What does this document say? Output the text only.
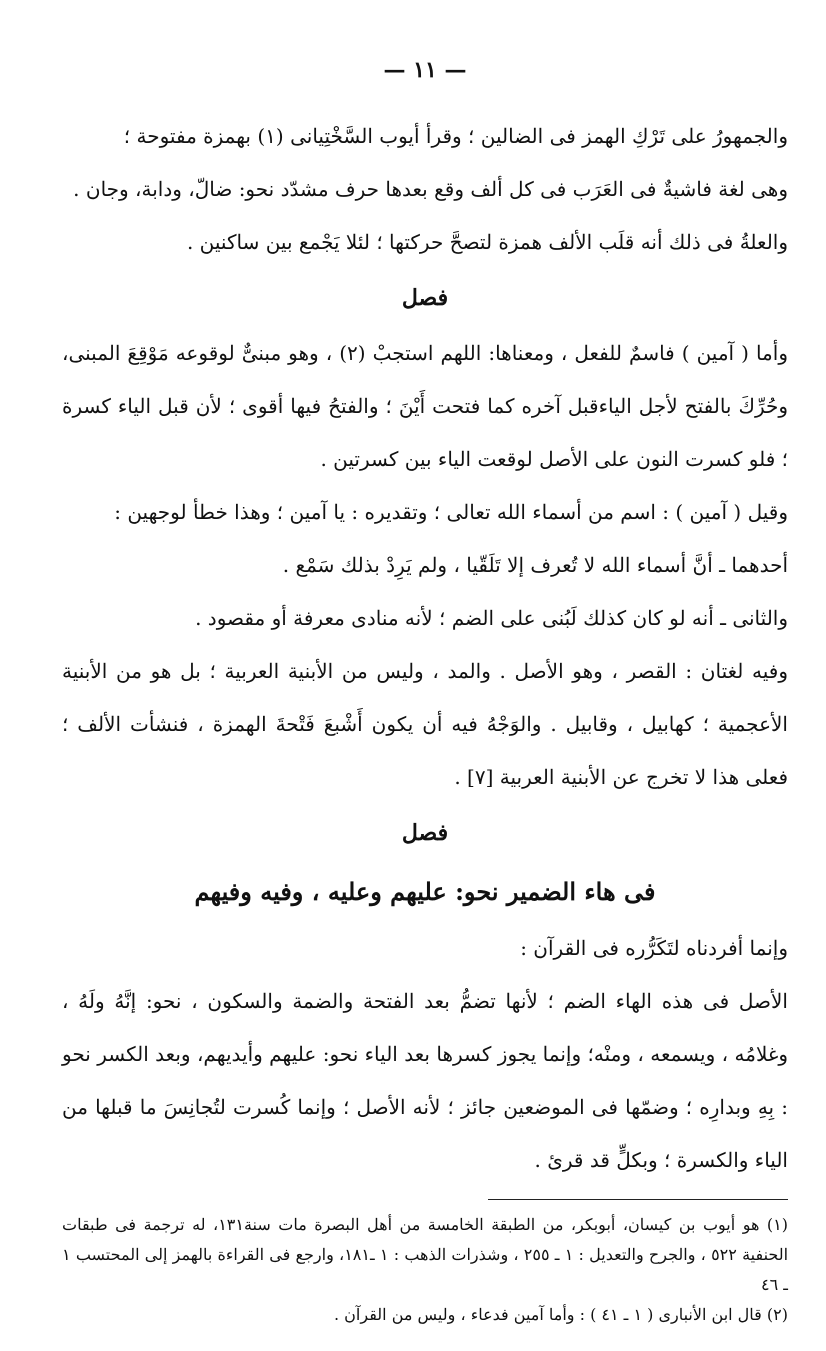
— ١١ —

والجمهورُ على تَرْكِ الهمز فى الضالين ؛ وقرأ أيوب السَّخْتِيانى (١) بهمزة مفتوحة ؛

وهى لغة فاشيةٌ فى العَرَب فى كل ألف وقع بعدها حرف مشدّد نحو: ضالّ، ودابة، وجان .

والعلةُ فى ذلك أنه قلَب الألف همزة لتصحَّ حركتها ؛ لئلا يَجْمع بين ساكنين .

فصل

وأما ( آمين ) فاسمٌ للفعل ، ومعناها: اللهم استجبْ (٢) ، وهو مبنىٌّ لوقوعه مَوْقِعَ المبنى، وحُرِّكَ بالفتح لأجل الياءقبل آخره كما فتحت أَيْنَ ؛ والفتحُ فيها أقوى ؛ لأن قبل الياء كسرة ؛ فلو كسرت النون على الأصل لوقعت الياء بين كسرتين .

وقيل ( آمين ) : اسم من أسماء الله تعالى ؛ وتقديره : يا آمين ؛ وهذا خطأ لوجهين :

أحدهما ـ أنَّ أسماء الله لا تُعرف إلا تَلَقّيا ، ولم يَرِدْ بذلك سَمْع .

والثانى ـ أنه لو كان كذلك لَبُنى على الضم ؛ لأنه منادى معرفة أو مقصود .

وفيه لغتان : القصر ، وهو الأصل . والمد ، وليس من الأبنية العربية ؛ بل هو من الأبنية الأعجمية ؛ كهابيل ، وقابيل . والوَجْهُ فيه أن يكون أَشْبعَ فَتْحةَ الهمزة ، فنشأت الألف ؛ فعلى هذا لا تخرج عن الأبنية العربية [٧] .

فصل

فى هاء الضمير نحو: عليهم وعليه ، وفيه وفيهم

وإنما أفردناه لتَكَرُّره فى القرآن :

الأصل فى هذه الهاء الضم ؛ لأنها تضمُّ بعد الفتحة والضمة والسكون ، نحو: إنَّهُ ولَهُ ، وغلامُه ، ويسمعه ، ومنْه؛ وإنما يجوز كسرها بعد الياء نحو: عليهم وأيديهم، وبعد الكسر نحو : بِهِ وبدارِه ؛ وضمّها فى الموضعين جائز ؛ لأنه الأصل ؛ وإنما كُسرت لتُجانِسَ ما قبلها من الياء والكسرة ؛ وبكلٍّ قد قرئ .

(١) هو أيوب بن كيسان، أبوبكر، من الطبقة الخامسة من أهل البصرة مات سنة١٣١، له ترجمة فى طبقات الحنفية ٥٢٢ ، والجرح والتعديل : ١ ـ ٢٥٥ ، وشذرات الذهب : ١ ـ١٨١، وارجع فى القراءة بالهمز إلى المحتسب ١ ـ ٤٦

(٢) قال ابن الأنبارى ( ١ ـ ٤١ ) : وأما آمين فدعاء ، وليس من القرآن .
